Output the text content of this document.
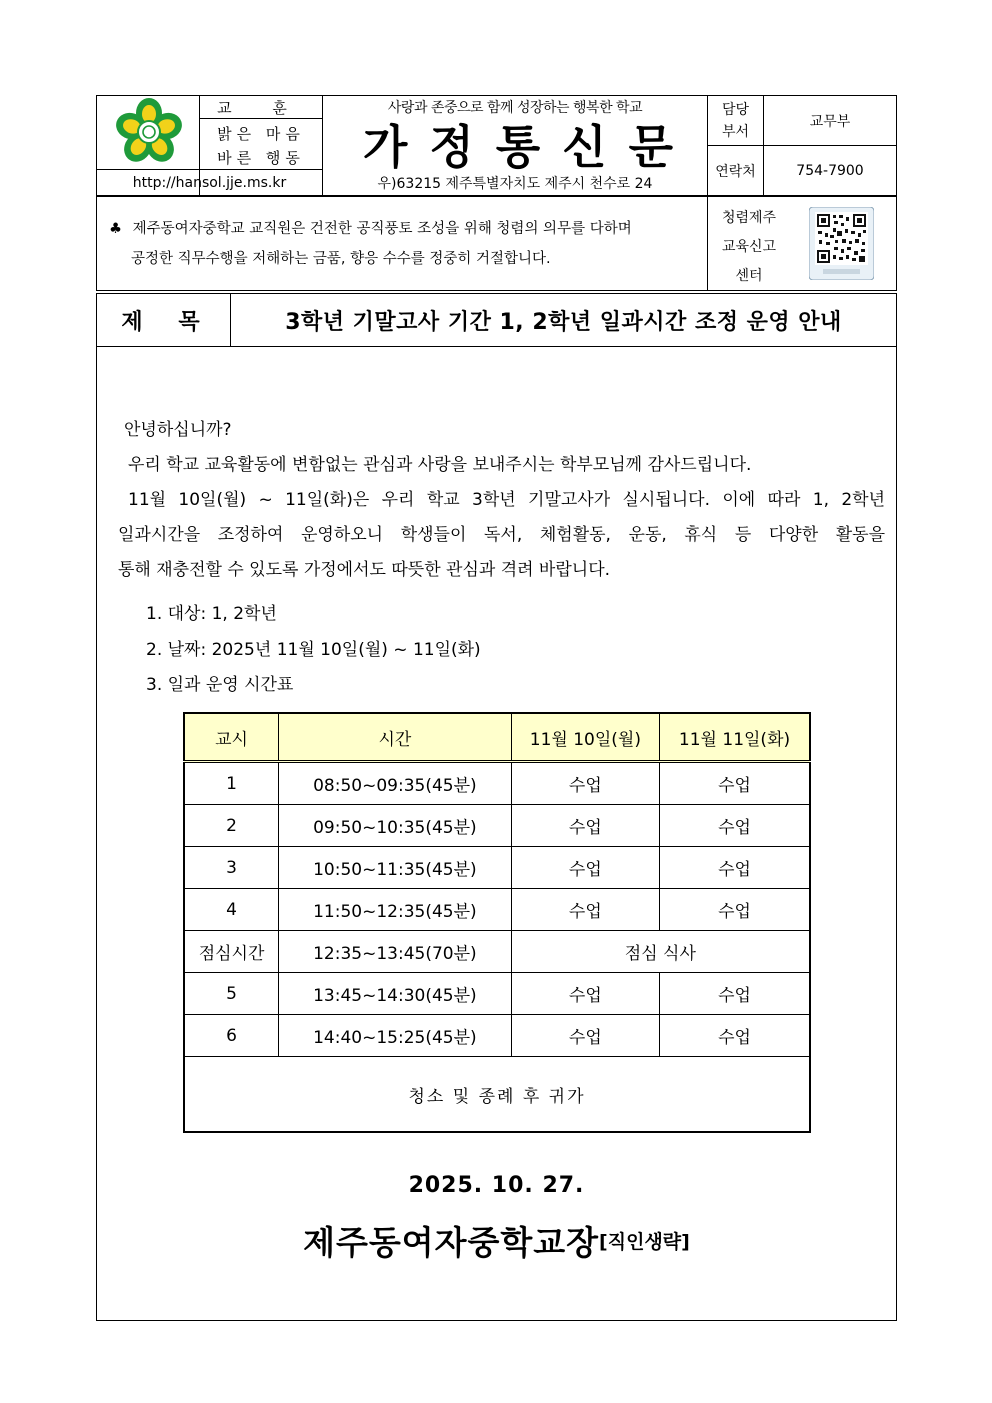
교 훈
밝은 마음
바른 행동
http://hansol.jje.ms.kr
사랑과 존중으로 함께 성장하는 행복한 학교
가정통신문
우)63215 제주특별자치도 제주시 천수로 24
담당
부서
교무부
연락처	754-7900
♣ 제주동여자중학교 교직원은 건전한 공직풍토 조성을 위해 청렴의 의무를 다하며
공정한 직무수행을 저해하는 금품, 향응 수수를 정중히 거절합니다.
청렴제주
교육신고
센터
제 목	3학년 기말고사 기간 1, 2학년 일과시간 조정 운영 안내
안녕하십니까?
우리 학교 교육활동에 변함없는 관심과 사랑을 보내주시는 학부모님께 감사드립니다.
11월 10일(월) ~ 11일(화)은 우리 학교 3학년 기말고사가 실시됩니다. 이에 따라 1, 2학년
일과시간을 조정하여 운영하오니 학생들이 독서, 체험활동, 운동, 휴식 등 다양한 활동을
통해 재충전할 수 있도록 가정에서도 따뜻한 관심과 격려 바랍니다.
1. 대상: 1, 2학년
2. 날짜: 2025년 11월 10일(월) ~ 11일(화)
3. 일과 운영 시간표
교시	시간	11월 10일(월)	11월 11일(화)
1	08:50~09:35(45분)	수업	수업
2	09:50~10:35(45분)	수업	수업
3	10:50~11:35(45분)	수업	수업
4	11:50~12:35(45분)	수업	수업
점심시간	12:35~13:45(70분)	점심 식사	
5	13:45~14:30(45분)	수업	수업
6	14:40~15:25(45분)	수업	수업
청소 및 종례 후 귀가			
2025. 10. 27.
제주동여자중학교장 [직인생략]
